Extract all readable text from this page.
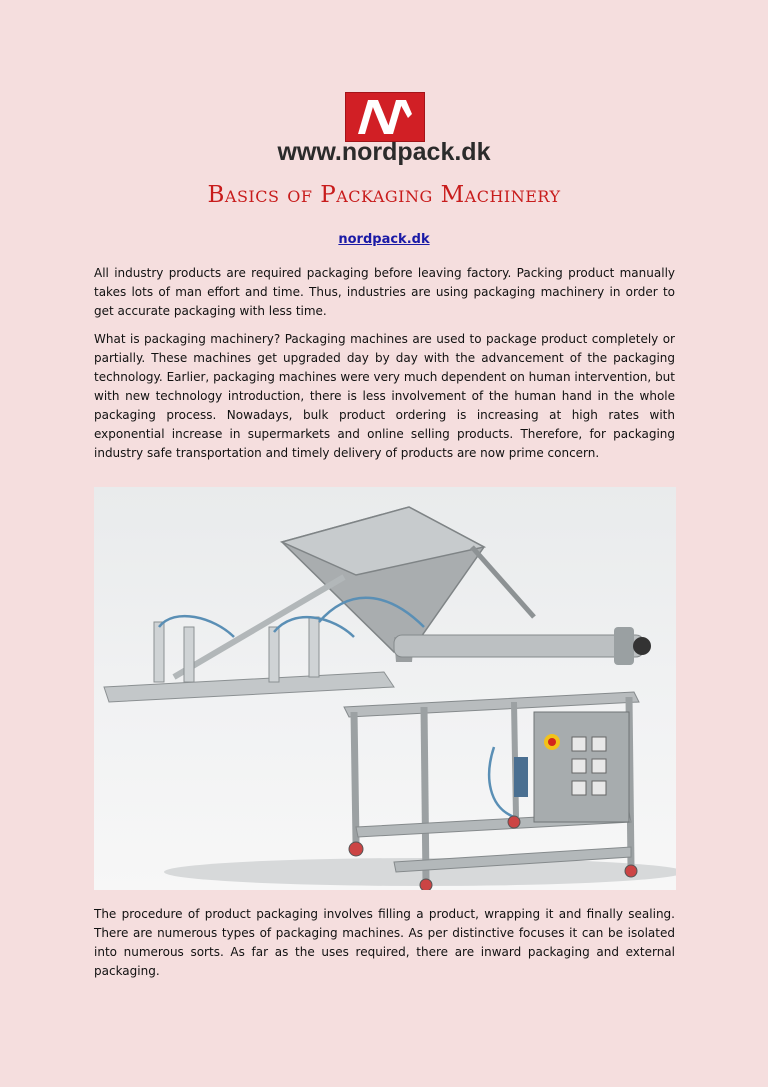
www.nordpack.dk
Basics of Packaging Machinery
nordpack.dk

All industry products are required packaging before leaving factory. Packing product manually takes lots of man effort and time. Thus, industries are using packaging machinery in order to get accurate packaging with less time.

What is packaging machinery? Packaging machines are used to package product completely or partially. These machines get upgraded day by day with the advancement of the packaging technology. Earlier, packaging machines were very much dependent on human intervention, but with new technology introduction, there is less involvement of the human hand in the whole packaging process. Nowadays, bulk product ordering is increasing at high rates with exponential increase in supermarkets and online selling products. Therefore, for packaging industry safe transportation and timely delivery of products are now prime concern.

The procedure of product packaging involves filling a product, wrapping it and finally sealing. There are numerous types of packaging machines. As per distinctive focuses it can be isolated into numerous sorts. As far as the uses required, there are inward packaging and external packaging.
